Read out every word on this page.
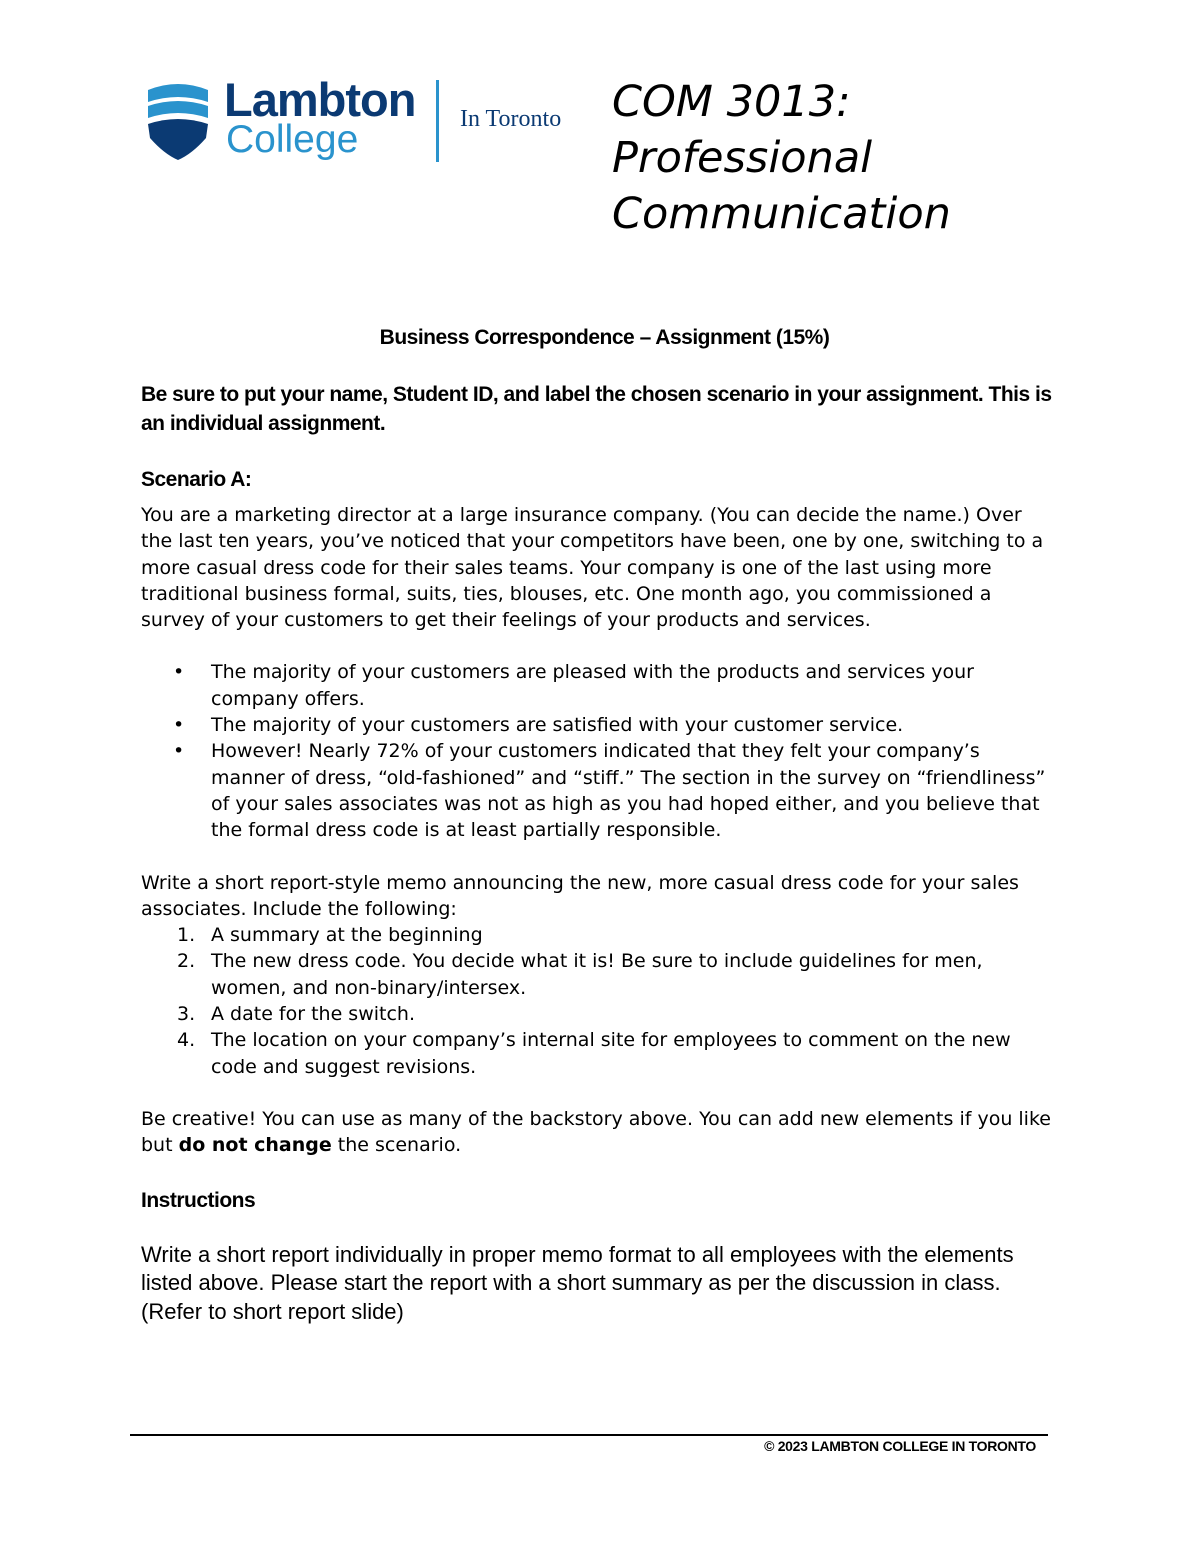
Lambton
College	In Toronto COM 3013:
Professional
Communication
Business Correspondence – Assignment (15%)
Be sure to put your name, Student ID, and label the chosen scenario in your assignment. This is an individual assignment.
Scenario A:

You are a marketing director at a large insurance company. (You can decide the name.) Over the last ten years, you’ve noticed that your competitors have been, one by one, switching to a more casual dress code for their sales teams. Your company is one of the last using more traditional business formal, suits, ties, blouses, etc. One month ago, you commissioned a survey of your customers to get their feelings of your products and services.

• The majority of your customers are pleased with the products and services your company offers.
• The majority of your customers are satisfied with your customer service.
• However! Nearly 72% of your customers indicated that they felt your company’s manner of dress, “old-fashioned” and “stiff.” The section in the survey on “friendliness” of your sales associates was not as high as you had hoped either, and you believe that the formal dress code is at least partially responsible.

Write a short report-style memo announcing the new, more casual dress code for your sales associates. Include the following:

1. A summary at the beginning
2. The new dress code. You decide what it is! Be sure to include guidelines for men, women, and non-binary/intersex.
3. A date for the switch.
4. The location on your company’s internal site for employees to comment on the new code and suggest revisions.

Be creative! You can use as many of the backstory above. You can add new elements if you like but do not change the scenario.

Instructions

Write a short report individually in proper memo format to all employees with the elements listed above. Please start the report with a short summary as per the discussion in class. (Refer to short report slide)

© 2023 LAMBTON COLLEGE IN TORONTO
